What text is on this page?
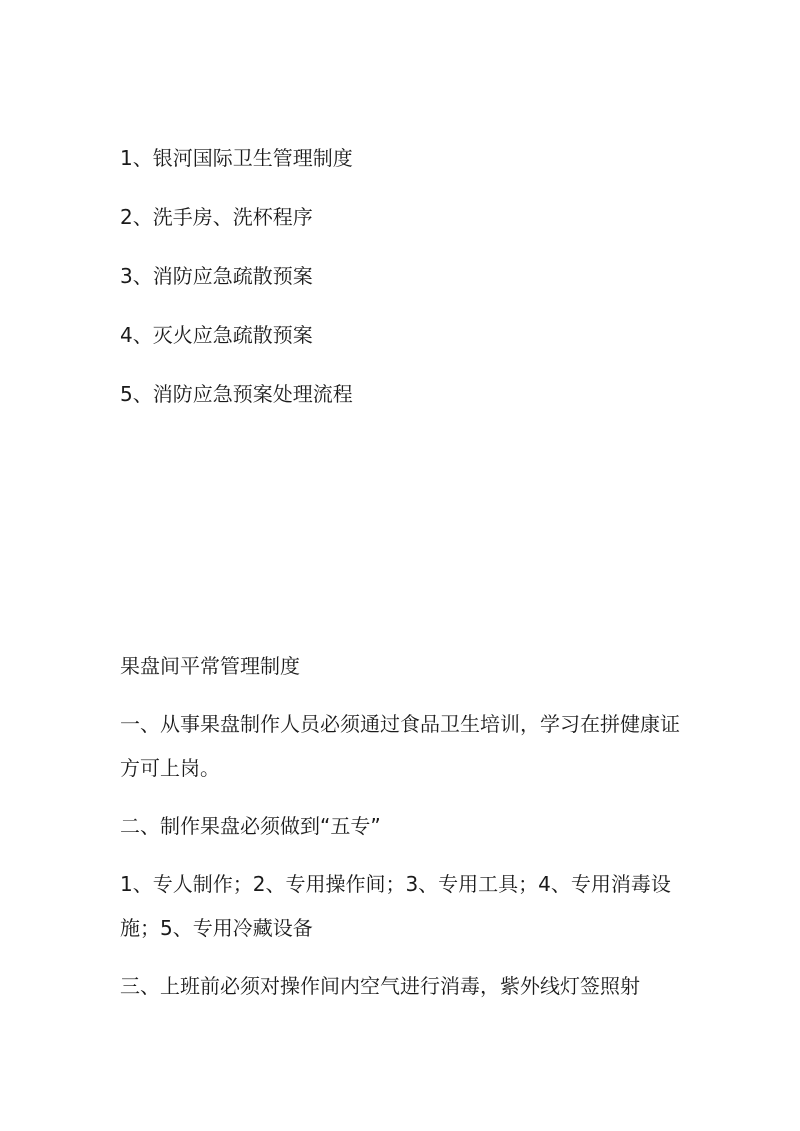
1、银河国际卫生管理制度
2、洗手房、洗杯程序
3、消防应急疏散预案
4、灭火应急疏散预案
5、消防应急预案处理流程

果盘间平常管理制度

一、从事果盘制作人员必须通过食品卫生培训，学习在拼健康证方可上岗。

二、制作果盘必须做到“五专”

1、专人制作；2、专用操作间；3、专用工具；4、专用消毒设施；5、专用冷藏设备

三、上班前必须对操作间内空气进行消毒，紫外线灯签照射
